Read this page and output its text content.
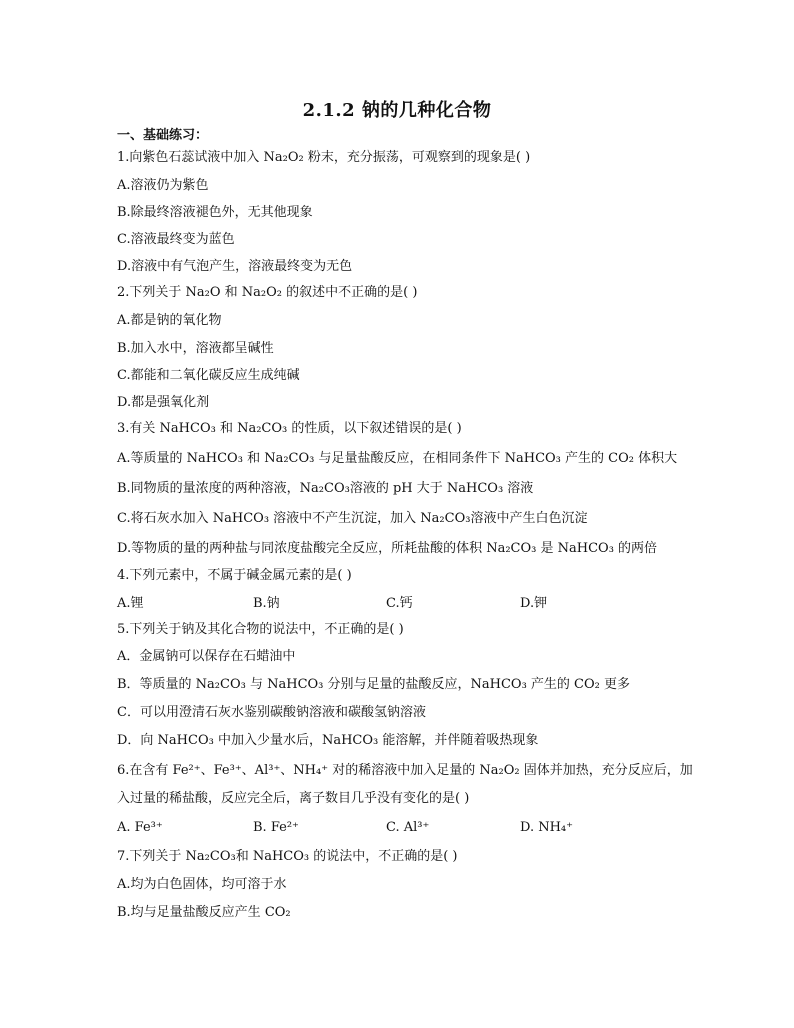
2.1.2 钠的几种化合物
一、基础练习：
1.向紫色石蕊试液中加入 Na₂O₂ 粉末，充分振荡，可观察到的现象是( )
A.溶液仍为紫色
B.除最终溶液褪色外，无其他现象
C.溶液最终变为蓝色
D.溶液中有气泡产生，溶液最终变为无色
2.下列关于 Na₂O 和 Na₂O₂ 的叙述中不正确的是( )
A.都是钠的氧化物
B.加入水中，溶液都呈碱性
C.都能和二氧化碳反应生成纯碱
D.都是强氧化剂
3.有关 NaHCO₃ 和 Na₂CO₃ 的性质，以下叙述错误的是( )
A.等质量的 NaHCO₃ 和 Na₂CO₃ 与足量盐酸反应，在相同条件下 NaHCO₃ 产生的 CO₂ 体积大
B.同物质的量浓度的两种溶液，Na₂CO₃溶液的 pH 大于 NaHCO₃ 溶液
C.将石灰水加入 NaHCO₃ 溶液中不产生沉淀，加入 Na₂CO₃溶液中产生白色沉淀
D.等物质的量的两种盐与同浓度盐酸完全反应，所耗盐酸的体积 Na₂CO₃ 是 NaHCO₃ 的两倍
4.下列元素中，不属于碱金属元素的是( )
A.锂	B.钠	C.钙	D.钾
5.下列关于钠及其化合物的说法中，不正确的是( )
A．金属钠可以保存在石蜡油中
B．等质量的 Na₂CO₃ 与 NaHCO₃ 分别与足量的盐酸反应，NaHCO₃ 产生的 CO₂ 更多
C．可以用澄清石灰水鉴别碳酸钠溶液和碳酸氢钠溶液
D．向 NaHCO₃ 中加入少量水后，NaHCO₃ 能溶解，并伴随着吸热现象
6.在含有 Fe²⁺、Fe³⁺、Al³⁺、NH₄⁺ 对的稀溶液中加入足量的 Na₂O₂ 固体并加热，充分反应后，加
入过量的稀盐酸，反应完全后，离子数目几乎没有变化的是( )
A. Fe³⁺	B. Fe²⁺	C. Al³⁺	D. NH₄⁺
7.下列关于 Na₂CO₃和 NaHCO₃ 的说法中，不正确的是( )
A.均为白色固体，均可溶于水
B.均与足量盐酸反应产生 CO₂
